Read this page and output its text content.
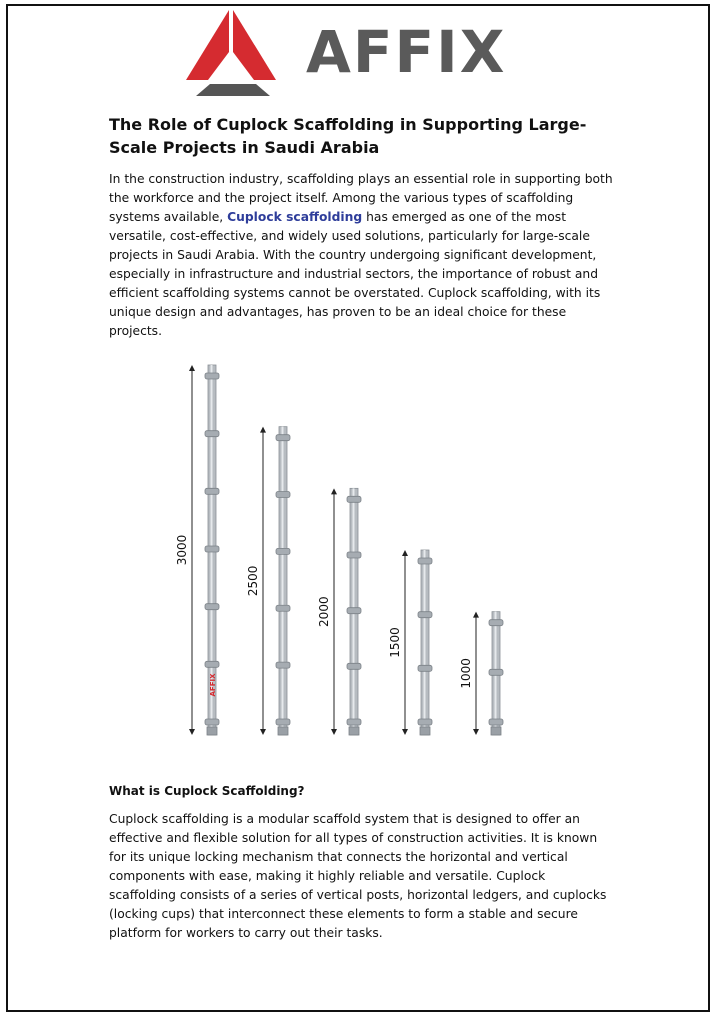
AFFIX
The Role of Cuplock Scaffolding in Supporting Large-Scale Projects in Saudi Arabia

In the construction industry, scaffolding plays an essential role in supporting both the workforce and the project itself. Among the various types of scaffolding systems available, Cuplock scaffolding has emerged as one of the most versatile, cost-effective, and widely used solutions, particularly for large-scale projects in Saudi Arabia. With the country undergoing significant development, especially in infrastructure and industrial sectors, the importance of robust and efficient scaffolding systems cannot be overstated. Cuplock scaffolding, with its unique design and advantages, has proven to be an ideal choice for these projects.

3000
2500
2000
1500
1000
AFFIX
What is Cuplock Scaffolding?

Cuplock scaffolding is a modular scaffold system that is designed to offer an effective and flexible solution for all types of construction activities. It is known for its unique locking mechanism that connects the horizontal and vertical components with ease, making it highly reliable and versatile. Cuplock scaffolding consists of a series of vertical posts, horizontal ledgers, and cuplocks (locking cups) that interconnect these elements to form a stable and secure platform for workers to carry out their tasks.
